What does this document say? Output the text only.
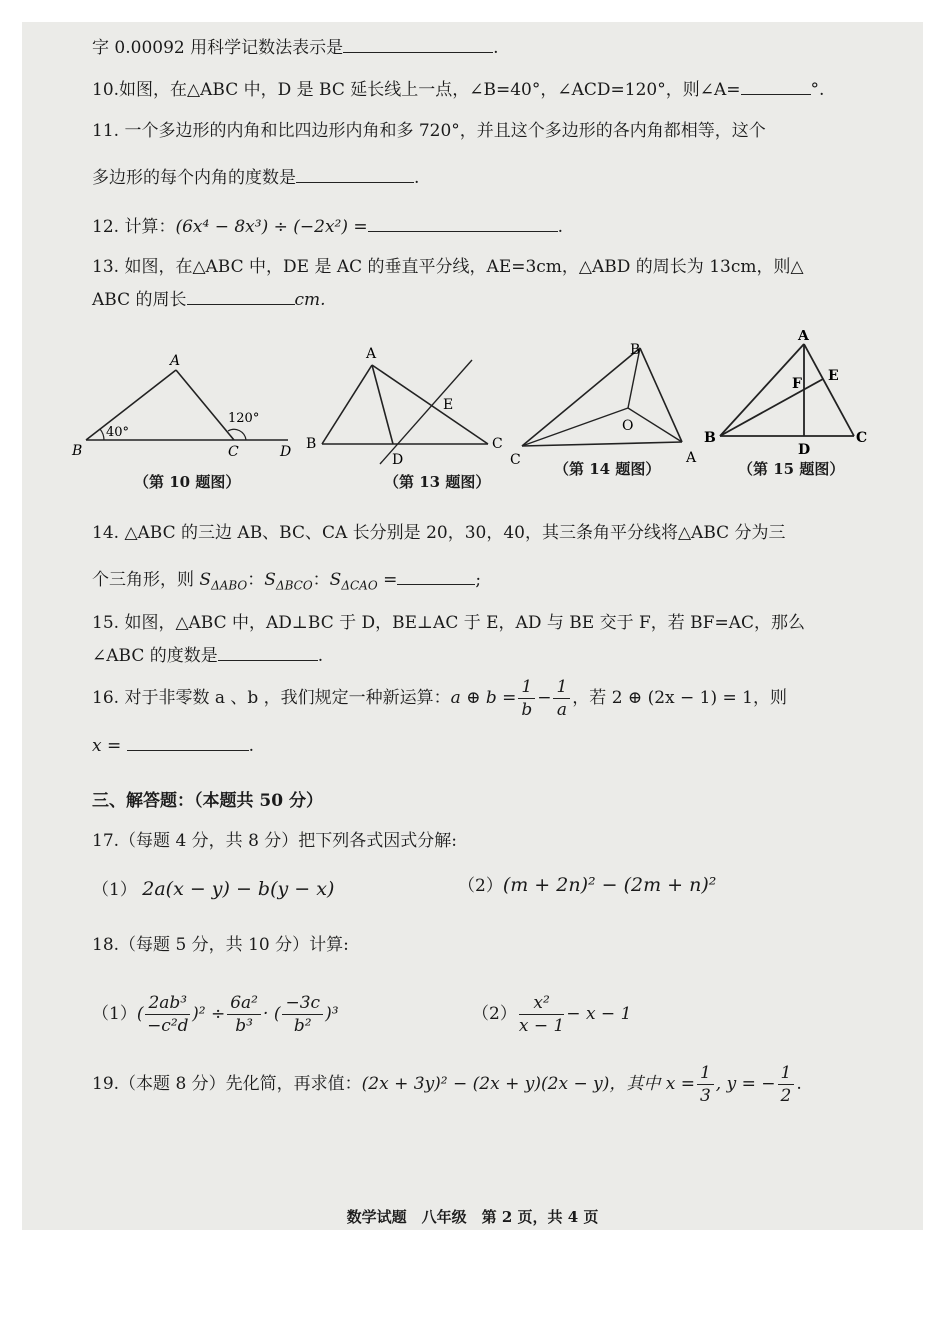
字 0.00092 用科学记数法表示是	.
10.如图，在△ABC 中，D 是 BC 延长线上一点，∠B=40°，∠ACD=120°，则∠A=	°.
11. 一个多边形的内角和比四边形内角和多 720°，并且这个多边形的各内角都相等，这个
多边形的每个内角的度数是	.
12. 计算：(6x⁴ − 8x³) ÷ (−2x²) =	.
13. 如图，在△ABC 中，DE 是 AC 的垂直平分线，AE=3cm，△ABD 的周长为 13cm，则△
ABC 的周长	cm.
A
B	C	D
40°
120°
（第 10 题图）
A
B	C
D
E
（第 13 题图）
B
O
C	A
（第 14 题图）
A
F E
B
D
C
（第 15 题图）
14. △ABC 的三边 AB、BC、CA 长分别是 20，30，40，其三条角平分线将△ABC 分为三
个三角形，则 $S_{\Delta ABO}$：$S_{\Delta BCO}$：$S_{\Delta CAO}$ =	;
15. 如图，△ABC 中，AD⊥BC 于 D，BE⊥AC 于 E，AD 与 BE 交于 F，若 BF=AC，那么
∠ABC 的度数是	.
16. 对于非零数 a 、b ，我们规定一种新运算： a ⊕ $b = \frac{1}{b} - \frac{1}{a}$ ，若 2 ⊕ (2x − 1) = 1，则
x =	.
三、解答题：（本题共 50 分）
17.（每题 4 分，共 8 分）把下列各式因式分解:
（1） 2a(x − y) − b(y − x)	（2）(m + 2n)² − (2m + n)²
18.（每题 5 分，共 10 分）计算:
（1） ( $\frac{\text{2ab³}}{\text{−c²d}} )^2 \div \frac{\text{6a²}}{\text{b³}}$ · ( $\frac{-3c}{\text{b²}} )^3$	$(2) \frac{\text{x²}}{x - 1} - x - 1$
19.（本题 8 分）先化简，再求值： (2x + 3y)² − (2x + y)(2x − y)，其中 $x = \frac{1}{3}$ , y = − $\frac{1}{2}$ .
数学试题　八年级　第 2 页，共 4 页
